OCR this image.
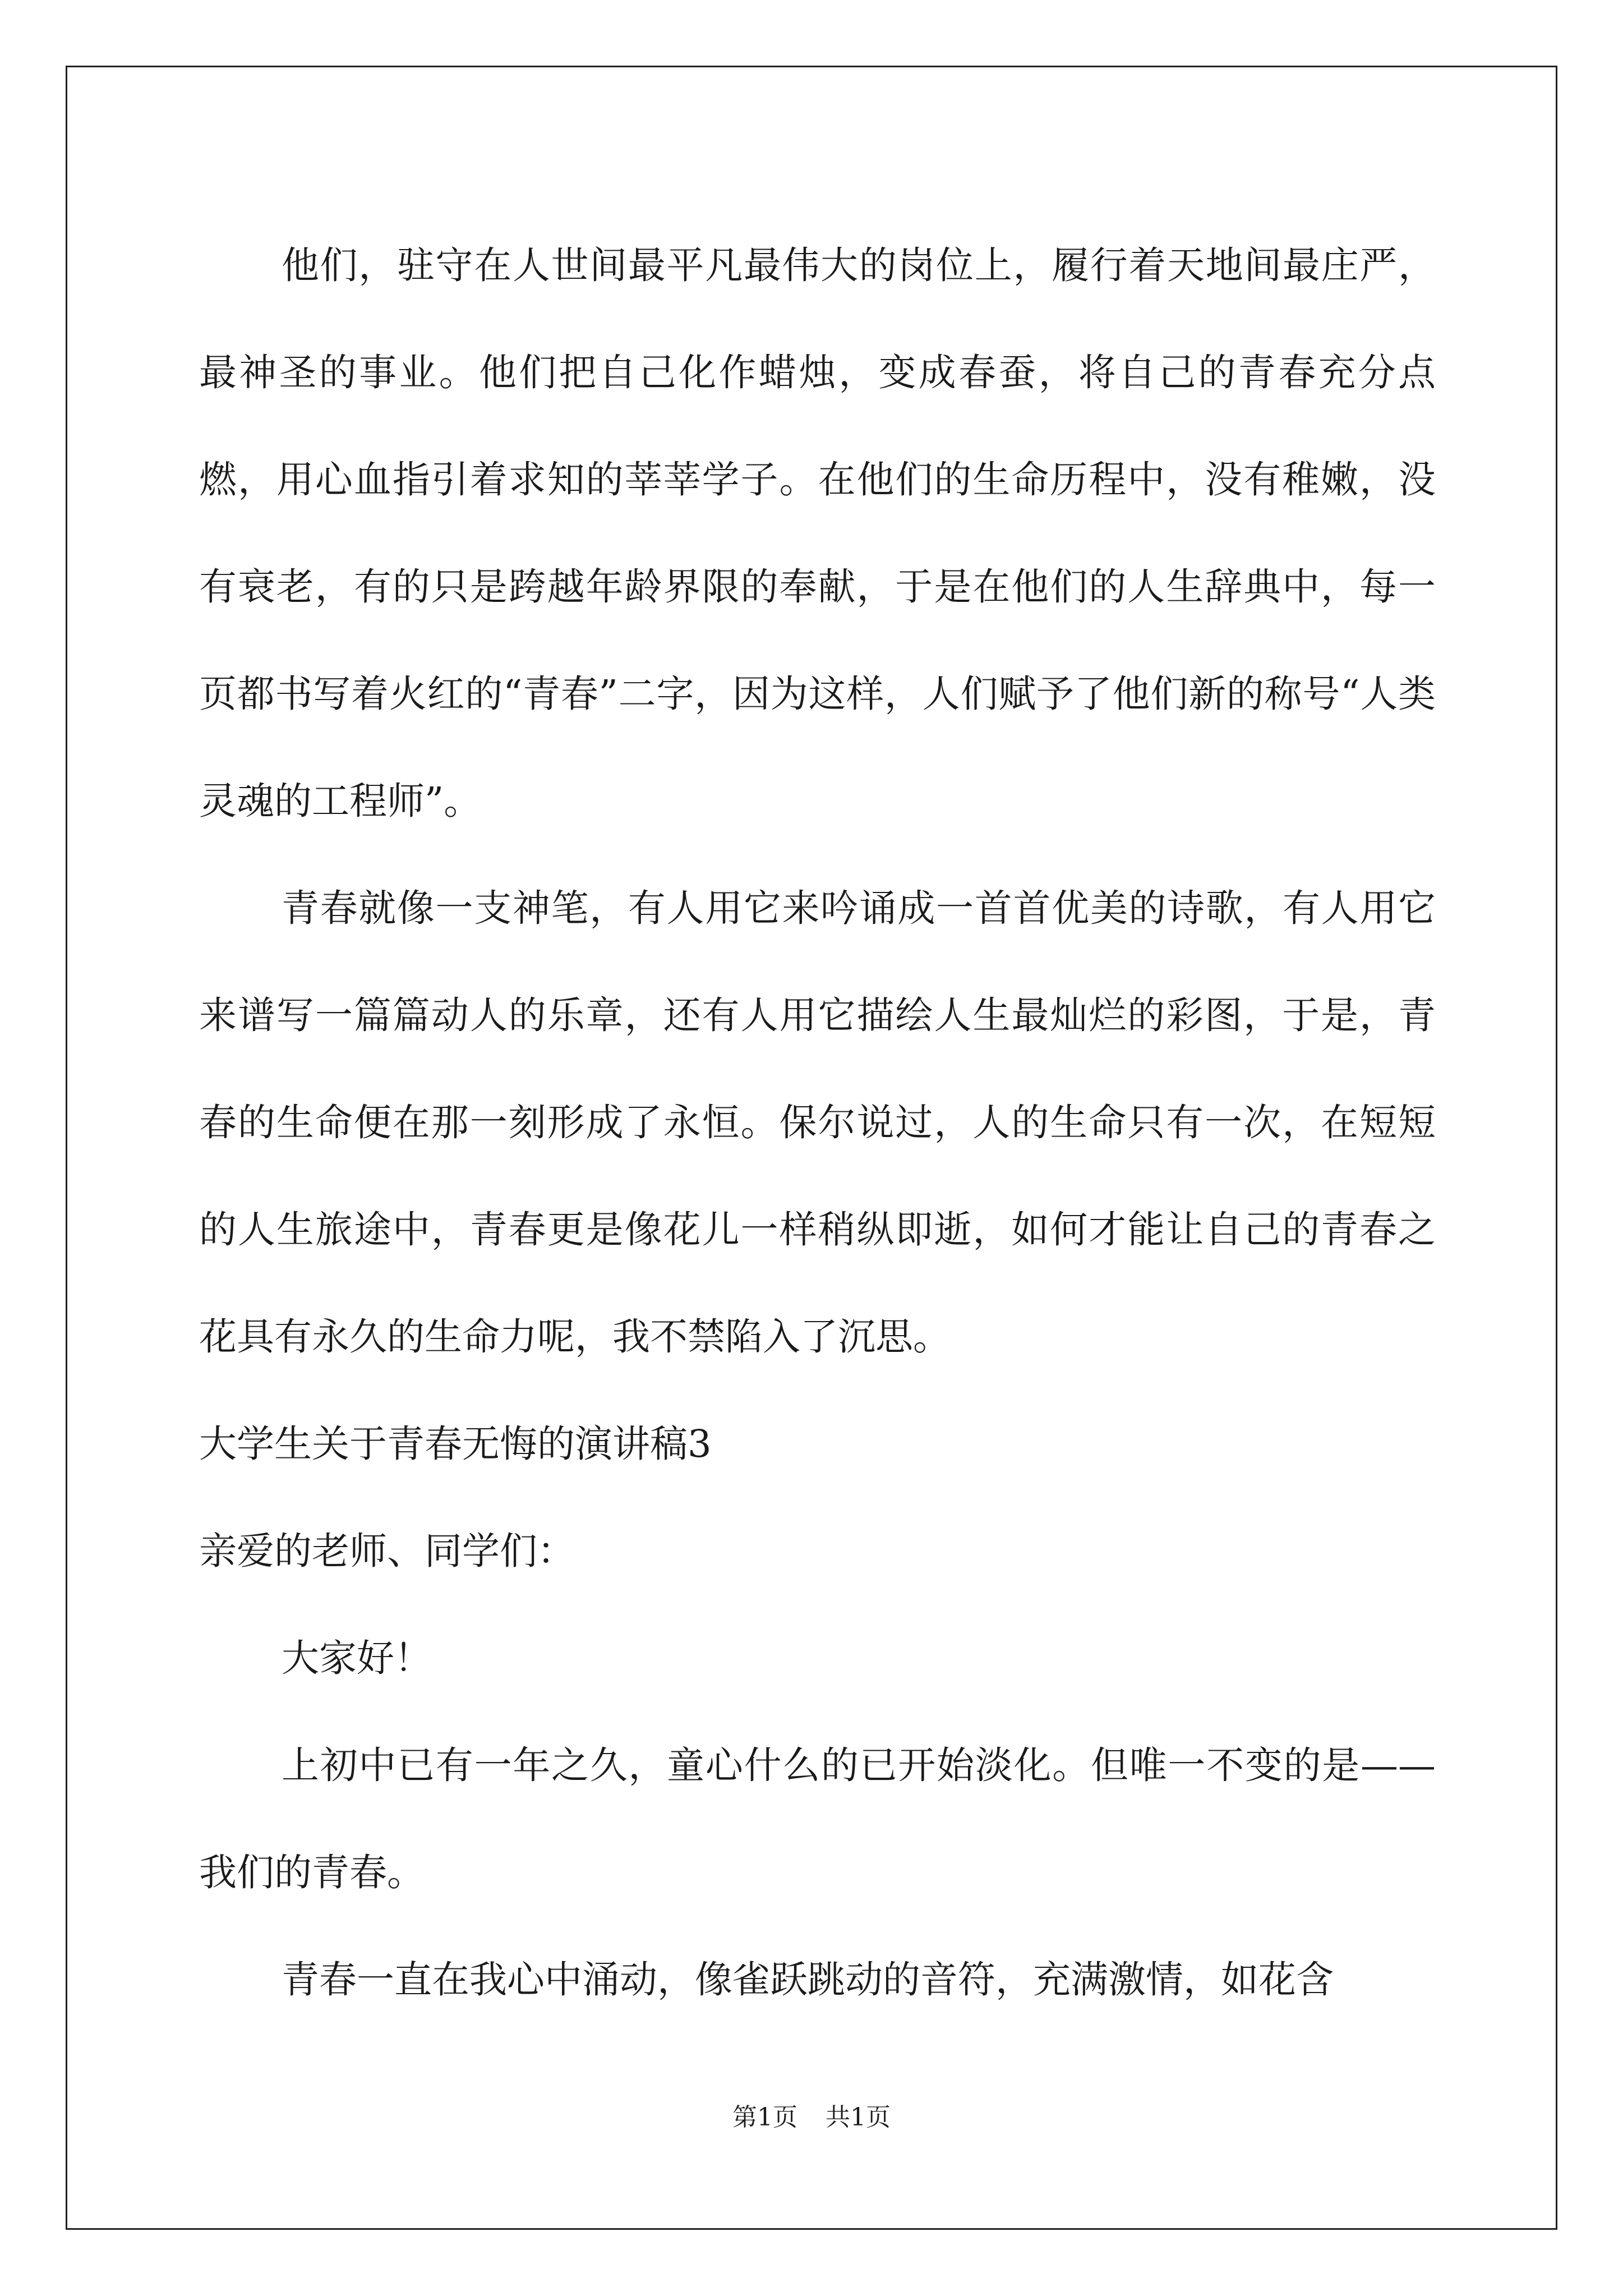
他们，驻守在人世间最平凡最伟大的岗位上，履行着天地间最庄严，最神圣的事业。他们把自己化作蜡烛，变成春蚕，将自己的青春充分点燃，用心血指引着求知的莘莘学子。在他们的生命历程中，没有稚嫩，没有衰老，有的只是跨越年龄界限的奉献，于是在他们的人生辞典中，每一页都书写着火红的“青春”二字，因为这样，人们赋予了他们新的称号“人类灵魂的工程师”。

青春就像一支神笔，有人用它来吟诵成一首首优美的诗歌，有人用它来谱写一篇篇动人的乐章，还有人用它描绘人生最灿烂的彩图，于是，青春的生命便在那一刻形成了永恒。保尔说过，人的生命只有一次，在短短的人生旅途中，青春更是像花儿一样稍纵即逝，如何才能让自己的青春之花具有永久的生命力呢，我不禁陷入了沉思。

大学生关于青春无悔的演讲稿3

亲爱的老师、同学们：

大家好！

上初中已有一年之久，童心什么的已开始淡化。但唯一不变的是——我们的青春。

青春一直在我心中涌动，像雀跃跳动的音符，充满激情，如花含

第1页 共1页
